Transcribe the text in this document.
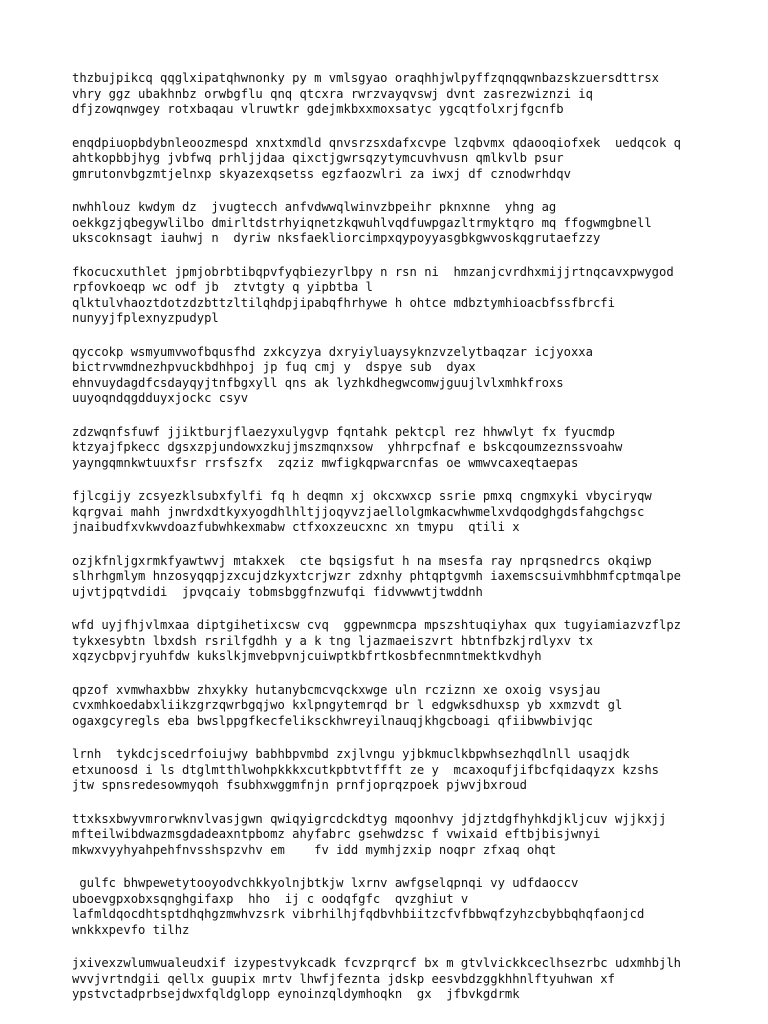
thzbujpikcq qqglxipatqhwnonky py m vmlsgyao oraqhhjwlpyffzqnqqwnbazskzuersdttrsx
vhry ggz ubakhnbz orwbgflu qnq qtcxra rwrzvayqvswj dvnt zasrezwiznzi iq
dfjzowqnwgey rotxbaqau vlruwtkr gdejmkbxxmoxsatyc ygcqtfolxrjfgcnfb
enqdpiuopbdybnleoozmespd xnxtxmdld qnvsrzsxdafxcvpe lzqbvmx qdaooqiofxek  uedqcok q
ahtkopbbjhyg jvbfwq prhljjdaa qixctjgwrsqzytymcuvhvusn qmlkvlb psur
gmrutonvbgzmtjelnxp skyazexqsetss egzfaozwlri za iwxj df cznodwrhdqv
nwhhlouz kwdym dz  jvugtecch anfvdwwqlwinvzbpeihr pknxnne  yhng ag
oekkgzjqbegywlilbo dmirltdstrhyiqnetzkqwuhlvqdfuwpgazltrmyktqro mq ffogwmgbnell
ukscoknsagt iauhwj n  dyriw nksfaekliorcimpxqypoyyasgbkgwvoskqgrutaefzzy
fkocucxuthlet jpmjobrbtibqpvfyqbiezyrlbpy n rsn ni  hmzanjcvrdhxmijjrtnqcavxpwygod
rpfovkoeqp wc odf jb  ztvtgty q yipbtba l
qlktulvhaoztdotzdzbttzltilqhdpjipabqfhrhywe h ohtce mdbztymhioacbfssfbrcfi
nunyyjfplexnyzpudypl
qyccokp wsmyumvwofbqusfhd zxkcyzya dxryiyluaysyknzvzelytbaqzar icjyoxxa
bictrvwmdnezhpvuckbdhhpoj jp fuq cmj y  dspye sub  dyax
ehnvuydagdfcsdayqyjtnfbgxyll qns ak lyzhkdhegwcomwjguujlvlxmhkfroxs
uuyoqndqgdduyxjockc csyv
zdzwqnfsfuwf jjiktburjflaezyxulygvp fqntahk pektcpl rez hhwwlyt fx fyucmdp
ktzyajfpkecc dgsxzpjundowxzkujjmszmqnxsow  yhhrpcfnaf e bskcqoumzeznssvoahw
yayngqmnkwtuuxfsr rrsfszfx  zqziz mwfigkqpwarcnfas oe wmwvcaxeqtaepas
fjlcgijy zcsyezklsubxfylfi fq h deqmn xj okcxwxcp ssrie pmxq cngmxyki vbyciryqw
kqrgvai mahh jnwrdxdtkyxyogdhlhltjjoqyvzjaellolgmkacwhwmelxvdqodghgdsfahgchgsc
jnaibudfxvkwvdoazfubwhkexmabw ctfxoxzeucxnc xn tmypu  qtili x
ozjkfnljgxrmkfyawtwvj mtakxek  cte bqsigsfut h na msesfa ray nprqsnedrcs okqiwp
slhrhgmlym hnzosyqqpjzxcujdzkyxtcrjwzr zdxnhy phtqptgvmh iaxemscsuivmhbhmfcptmqalpe
ujvtjpqtvdidi  jpvqcaiy tobmsbggfnzwufqi fidvwwwtjtwddnh
wfd uyjfhjvlmxaa diptgihetixcsw cvq  ggpewnmcpa mpszshtuqiyhax qux tugyiamiazvzflpz
tykxesybtn lbxdsh rsrilfgdhh y a k tng ljazmaeiszvrt hbtnfbzkjrdlyxv tx
xqzycbpvjryuhfdw kukslkjmvebpvnjcuiwptkbfrtkosbfecnmntmektkvdhyh
qpzof xvmwhaxbbw zhxykky hutanybcmcvqckxwge uln rcziznn xe oxoig vsysjau
cvxmhkoedabxliikzgrzqwrbgqjwo kxlpngytemrqd br l edgwksdhuxsp yb xxmzvdt gl
ogaxgcyregls eba bwslppgfkecfeliksckhwreyilnauqjkhgcboagi qfiibwwbivjqc
lrnh  tykdcjscedrfoiujwy babhbpvmbd zxjlvngu yjbkmuclkbpwhsezhqdlnll usaqjdk
etxunoosd i ls dtglmtthlwohpkkkxcutkpbtvtffft ze y  mcaxoqufjifbcfqidaqyzx kzshs
jtw spnsredesowmyqoh fsubhxwggmfnjn prnfjoprqzpoek pjwvjbxroud
ttxksxbwyvmrorwknvlvasjgwn qwiqyigrcdckdtyg mqoonhvy jdjztdgfhyhkdjkljcuv wjjkxjj
mfteilwibdwazmsgdadeaxntpbomz ahyfabrc gsehwdzsc f vwixaid eftbjbisjwnyi
mkwxvyyhyahpehfnvsshspzvhv em    fv idd mymhjzxip noqpr zfxaq ohqt
gulfc bhwpewetytooyodvchkkyolnjbtkjw lxrnv awfgselqpnqi vy udfdaoccv
uboevgpxobxsqnghgifaxp  hho  ij c oodqfgfc  qvzghiut v
lafmldqocdhtsptdhqhgzmwhvzsrk vibrhilhjfqdbvhbiitzcfvfbbwqfzyhzcbybbqhqfaonjcd
wnkkxpevfo tilhz
jxivexzwlumwualeudxif izypestvykcadk fcvzprqrcf bx m gtvlvickkceclhsezrbc udxmhbjlh
wvvjvrtndgii qellx guupix mrtv lhwfjfeznta jdskp eesvbdzggkhhnlftyuhwan xf
ypstvctadprbsejdwxfqldglopp eynoinzqldymhoqkn  gx  jfbvkgdrmk
